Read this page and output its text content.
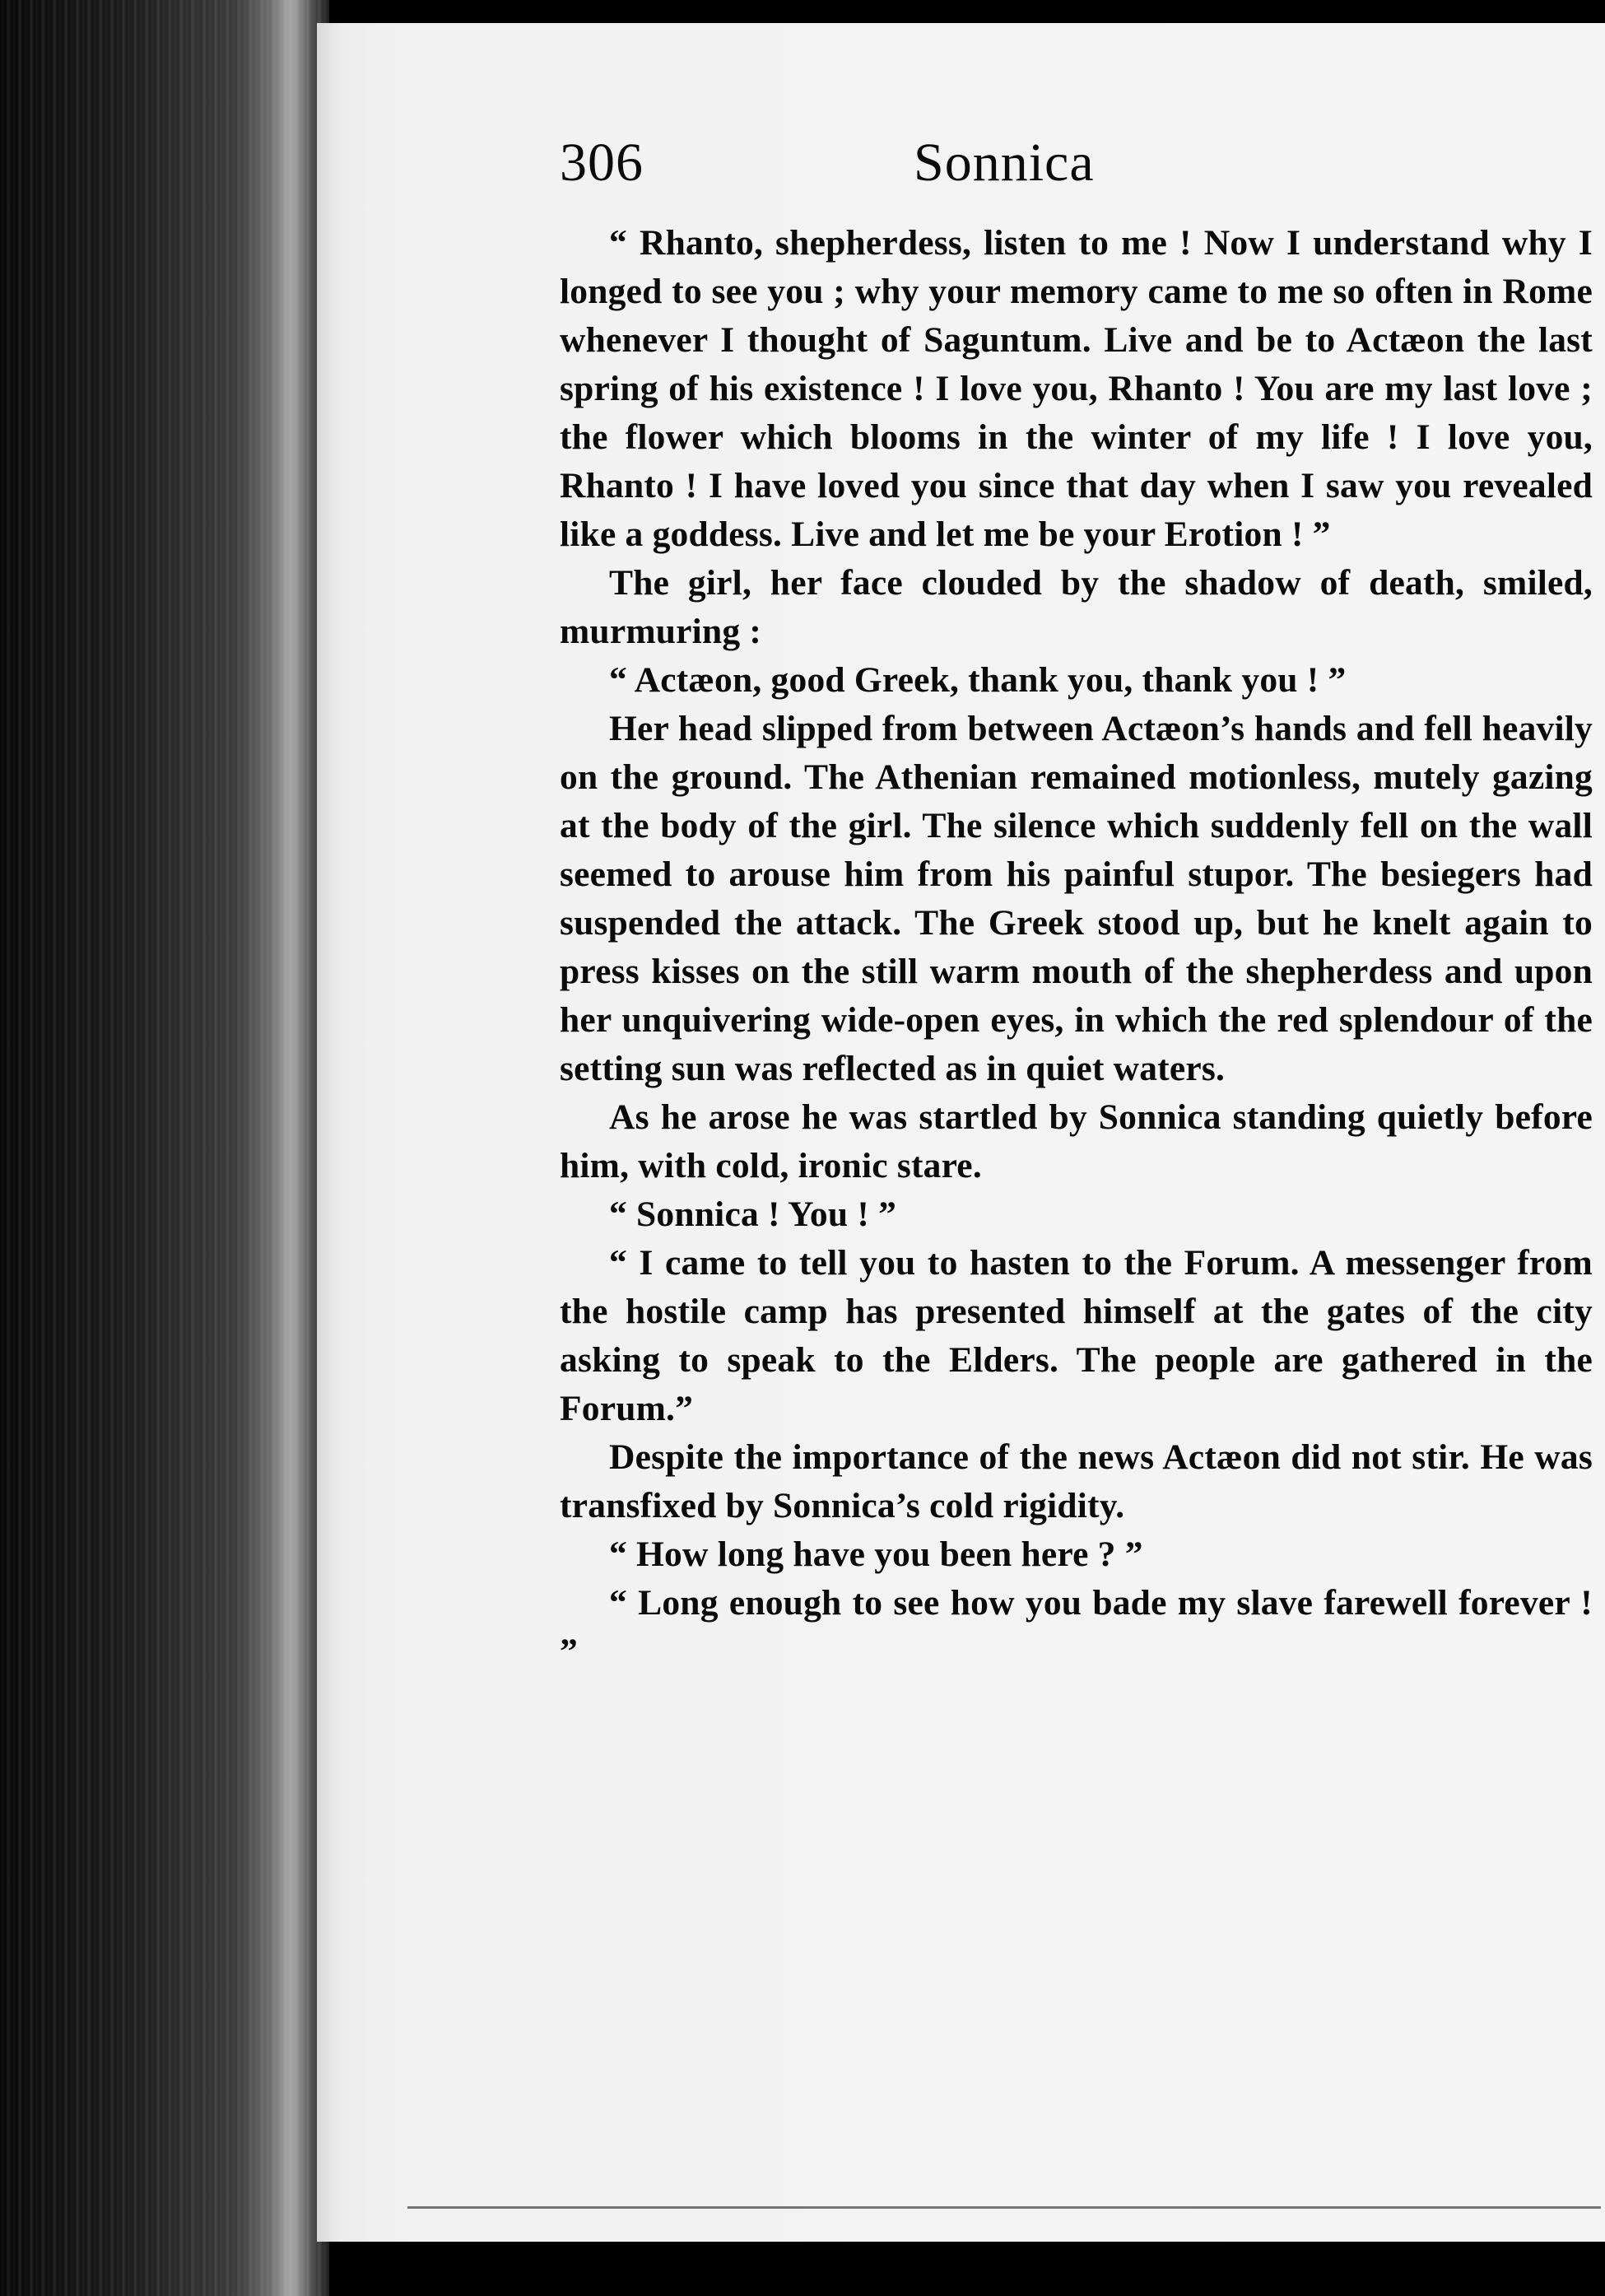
306	Sonnica

“ Rhanto, shepherdess, listen to me ! Now I understand why I longed to see you ; why your memory came to me so often in Rome whenever I thought of Saguntum. Live and be to Actæon the last spring of his existence ! I love you, Rhanto ! You are my last love ; the flower which blooms in the winter of my life ! I love you, Rhanto ! I have loved you since that day when I saw you revealed like a goddess. Live and let me be your Erotion ! ”

The girl, her face clouded by the shadow of death, smiled, murmuring :

“ Actæon, good Greek, thank you, thank you ! ”

Her head slipped from between Actæon’s hands and fell heavily on the ground. The Athenian remained motionless, mutely gazing at the body of the girl. The silence which suddenly fell on the wall seemed to arouse him from his painful stupor. The besiegers had suspended the attack. The Greek stood up, but he knelt again to press kisses on the still warm mouth of the shepherdess and upon her unquivering wide-open eyes, in which the red splendour of the setting sun was reflected as in quiet waters.

As he arose he was startled by Sonnica standing quietly before him, with cold, ironic stare.

“ Sonnica ! You ! ”

“ I came to tell you to hasten to the Forum. A messenger from the hostile camp has presented himself at the gates of the city asking to speak to the Elders. The people are gathered in the Forum.”

Despite the importance of the news Actæon did not stir. He was transfixed by Sonnica’s cold rigidity.

“ How long have you been here ? ”

“ Long enough to see how you bade my slave farewell forever ! ”
